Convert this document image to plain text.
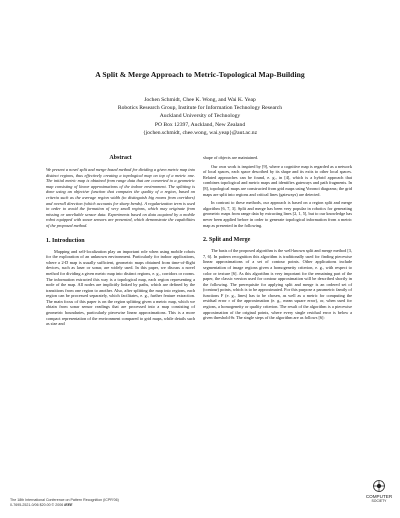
A Split & Merge Approach to Metric-Topological Map-Building
Jochen Schmidt, Chee K. Wong, and Wai K. Yeap
Robotics Research Group, Institute for Information Technology Research
Auckland University of Technology
PO Box 12397, Auckland, New Zealand
{jochen.schmidt, chee.wong, wai.yeap}@aut.ac.nz

Abstract

We present a novel split and merge based method for dividing a given metric map into distinct regions, thus effectively creating a topological map on top of a metric one. The initial metric map is obtained from range data that are converted to a geometric map consisting of linear approximations of the indoor environment. The splitting is done using an objective function that computes the quality of a region, based on criteria such as the average region width (to distinguish big rooms from corridors) and overall direction (which accounts for sharp bends). A regularization term is used in order to avoid the formation of very small regions, which may originate from missing or unreliable sensor data. Experiments based on data acquired by a mobile robot equipped with sonar sensors are presented, which demonstrate the capabilities of the proposed method.

1. Introduction

Mapping and self-localization play an important role when using mobile robots for the exploration of an unknown environment. Particularly for indoor applications, where a 2-D map is usually sufficient, geometric maps obtained from time-of-flight devices, such as laser or sonar, are widely used. In this paper, we discuss a novel method for dividing a given metric map into distinct regions, e. g., corridors or rooms. The information extracted this way is a topological map, each region representing a node of the map. All nodes are implicitly linked by paths, which are defined by the transitions from one region to another. Also, after splitting the map into regions, each region can be processed separately, which facilitates, e. g., further feature extraction. The main focus of this paper is on the region splitting given a metric map, which we obtain from sonar sensor readings that are processed into a map consisting of geometric boundaries, particularly piecewise linear approximations. This is a more compact representation of the environment compared to grid maps, while details such as size and

shape of objects are maintained.

Our own work is inspired by [9], where a cognitive map is regarded as a network of local spaces, each space described by its shape and its exits to other local spaces. Related approaches can be found, e. g., in [4], which is a hybrid approach that combines topological and metric maps and identifies gateways and path fragments. In [8], topological maps are constructed from grid maps using Voronoi diagrams; the grid maps are split into regions and critical lines (gateways) are detected.

In contrast to these methods, our approach is based on a region split and merge algorithm [6, 7, 3]. Split and merge has been very popular in robotics for generating geometric maps from range data by extracting lines [2, 1, 5], but to our knowledge has never been applied before in order to generate topological information from a metric map as presented in the following.

2. Split and Merge

The basis of the proposed algorithm is the well-known split and merge method [3, 7, 6]. In pattern recognition this algorithm is traditionally used for finding piecewise linear approximations of a set of contour points. Other applications include segmentation of image regions given a homogeneity criterion, e. g., with respect to color or texture [6]. As this algorithm is very important for the remaining part of the paper, the classic version used for contour approximation will be described shortly in the following. The prerequisite for applying split and merge is an ordered set of (contour) points, which is to be approximated. For this purpose a parametric family of functions F (e. g., lines) has to be chosen, as well as a metric for computing the residual error r of the approximation (e. g., mean square error), or, when used for regions, a homogeneity or quality criterion. The result of the algorithm is a piecewise approximation of the original points, where every single residual error is below a given threshold θr. The single steps of the algorithm are as follows [6]:

The 18th International Conference on Pattern Recognition (ICPR'06)
0-7695-2521-0/06 $20.00 © 2006 IEEE
COMPUTER
SOCIETY
